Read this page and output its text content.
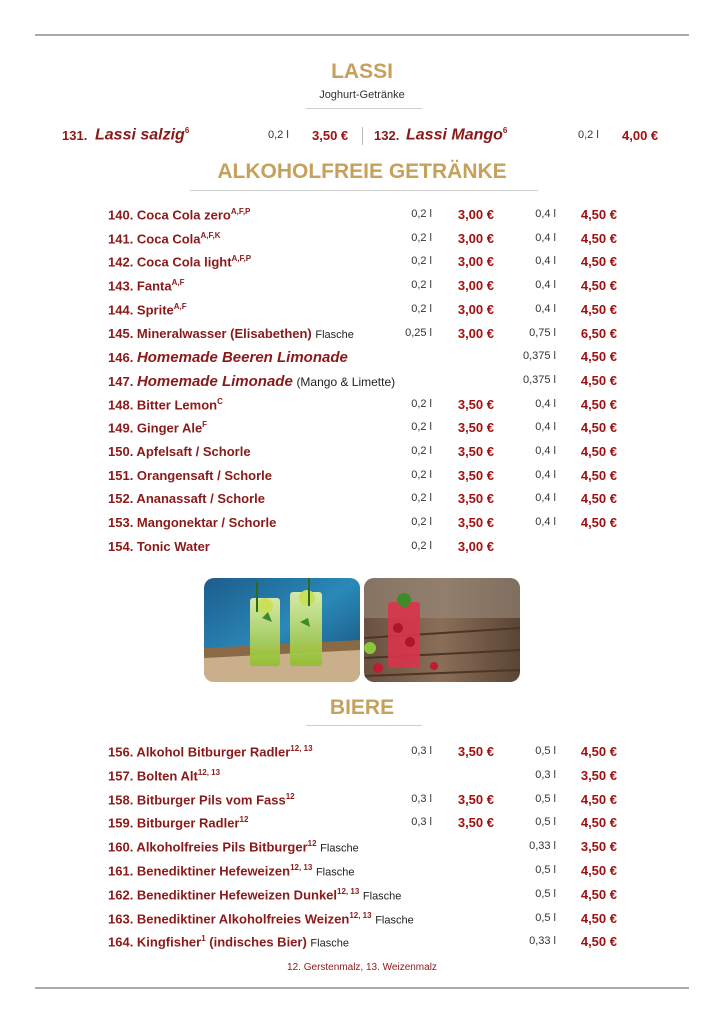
LASSI
Joghurt-Getränke
131. Lassi salzig$^6$	0,2 l 3,50 € 132. Lassi Mango$^6$	0,2 l 4,00 €
ALKOHOLFREIE GETRÄNKE
140. Coca Cola zero$^{A,F,P}$	0,2 l 3,00 €	0,4 l 4,50 €
141. Coca Cola$^{A,F,K}$	0,2 l 3,00 €	0,4 l 4,50 €
142. Coca Cola light$^{A,F,P}$	0,2 l 3,00 €	0,4 l 4,50 €
143. Fanta$^{A,F}$	0,2 l 3,00 €	0,4 l 4,50 €
144. Sprite$^{A,F}$	0,2 l 3,00 €	0,4 l 4,50 €
145. Mineralwasser (Elisabethen) Flasche	0,25 l 3,00 €	0,75 l 6,50 €
146. Homemade Beeren Limonade	0,375 l 4,50 €
147. Homemade Limonade (Mango & Limette)	0,375 l 4,50 €
148. Bitter Lemon$^C$	0,2 l 3,50 €	0,4 l 4,50 €
149. Ginger Ale$^F$	0,2 l 3,50 €	0,4 l 4,50 €
150. Apfelsaft / Schorle	0,2 l 3,50 €	0,4 l 4,50 €
151. Orangensaft / Schorle	0,2 l 3,50 €	0,4 l 4,50 €
152. Ananassaft / Schorle	0,2 l 3,50 €	0,4 l 4,50 €
153. Mangonektar / Schorle	0,2 l 3,50 €	0,4 l 4,50 €
154. Tonic Water	0,2 l 3,00 €
BIERE
156. Alkohol Bitburger Radler$^{12, 13}$	0,3 l 3,50 €	0,5 l 4,50 €
157. Bolten Alt$^{12, 13}$	0,3 l 3,50 €
158. Bitburger Pils vom Fass$^{12}$	0,3 l 3,50 €	0,5 l 4,50 €
159. Bitburger Radler$^{12}$	0,3 l 3,50 €	0,5 l 4,50 €
160. Alkoholfreies Pils Bitburger$^{12}$ Flasche	0,33 l 3,50 €
161. Benediktiner Hefeweizen$^{12, 13}$ Flasche	0,5 l 4,50 €
162. Benediktiner Hefeweizen Dunkel$^{12, 13}$ Flasche	0,5 l 4,50 €
163. Benediktiner Alkoholfreies Weizen$^{12, 13}$ Flasche	0,5 l 4,50 €
164. Kingfisher$^1$ (indisches Bier) Flasche	0,33 l 4,50 €
12. Gerstenmalz, 13. Weizenmalz
